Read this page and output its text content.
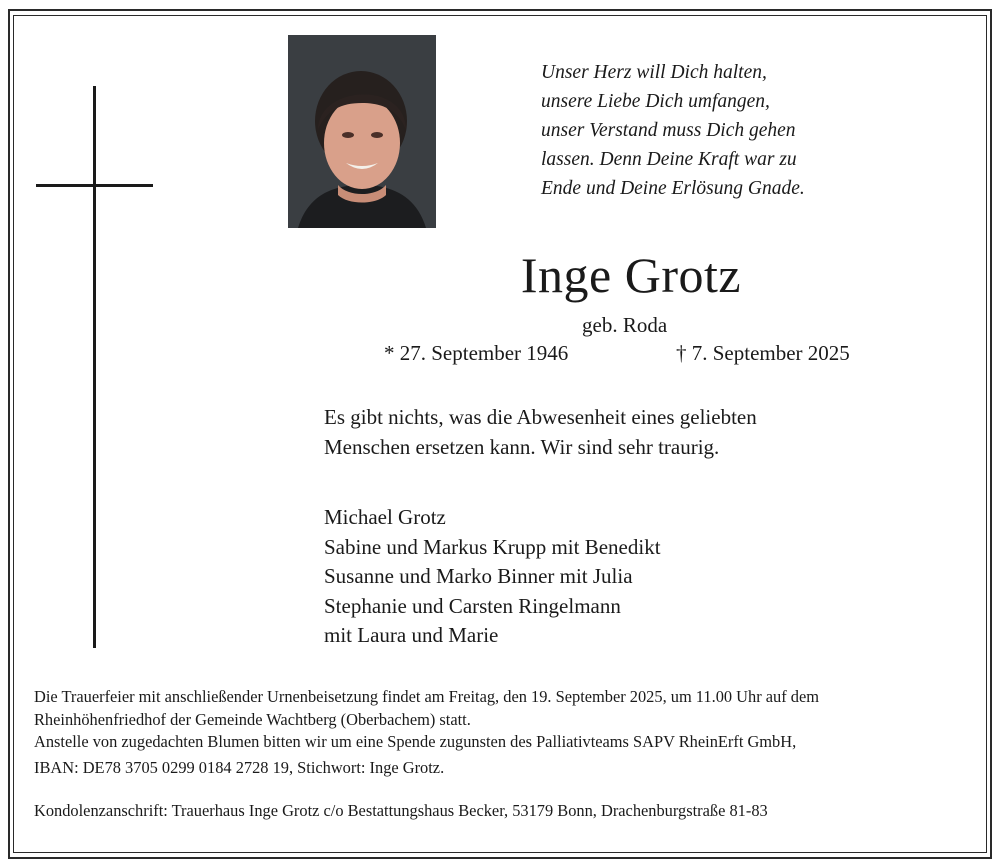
Unser Herz will Dich halten,
unsere Liebe Dich umfangen,
unser Verstand muss Dich gehen
lassen. Denn Deine Kraft war zu
Ende und Deine Erlösung Gnade.
Inge Grotz
geb. Roda
* 27. September 1946	† 7. September 2025
Es gibt nichts, was die Abwesenheit eines geliebten
Menschen ersetzen kann. Wir sind sehr traurig.
Michael Grotz
Sabine und Markus Krupp mit Benedikt
Susanne und Marko Binner mit Julia
Stephanie und Carsten Ringelmann
mit Laura und Marie
Die Trauerfeier mit anschließender Urnenbeisetzung findet am Freitag, den 19. September 2025, um 11.00 Uhr auf dem
Rheinhöhenfriedhof der Gemeinde Wachtberg (Oberbachem) statt.
Anstelle von zugedachten Blumen bitten wir um eine Spende zugunsten des Palliativteams SAPV RheinErft GmbH,
IBAN: DE78 3705 0299 0184 2728 19, Stichwort: Inge Grotz.
Kondolenzanschrift: Trauerhaus Inge Grotz c/o Bestattungshaus Becker, 53179 Bonn, Drachenburgstraße 81-83
